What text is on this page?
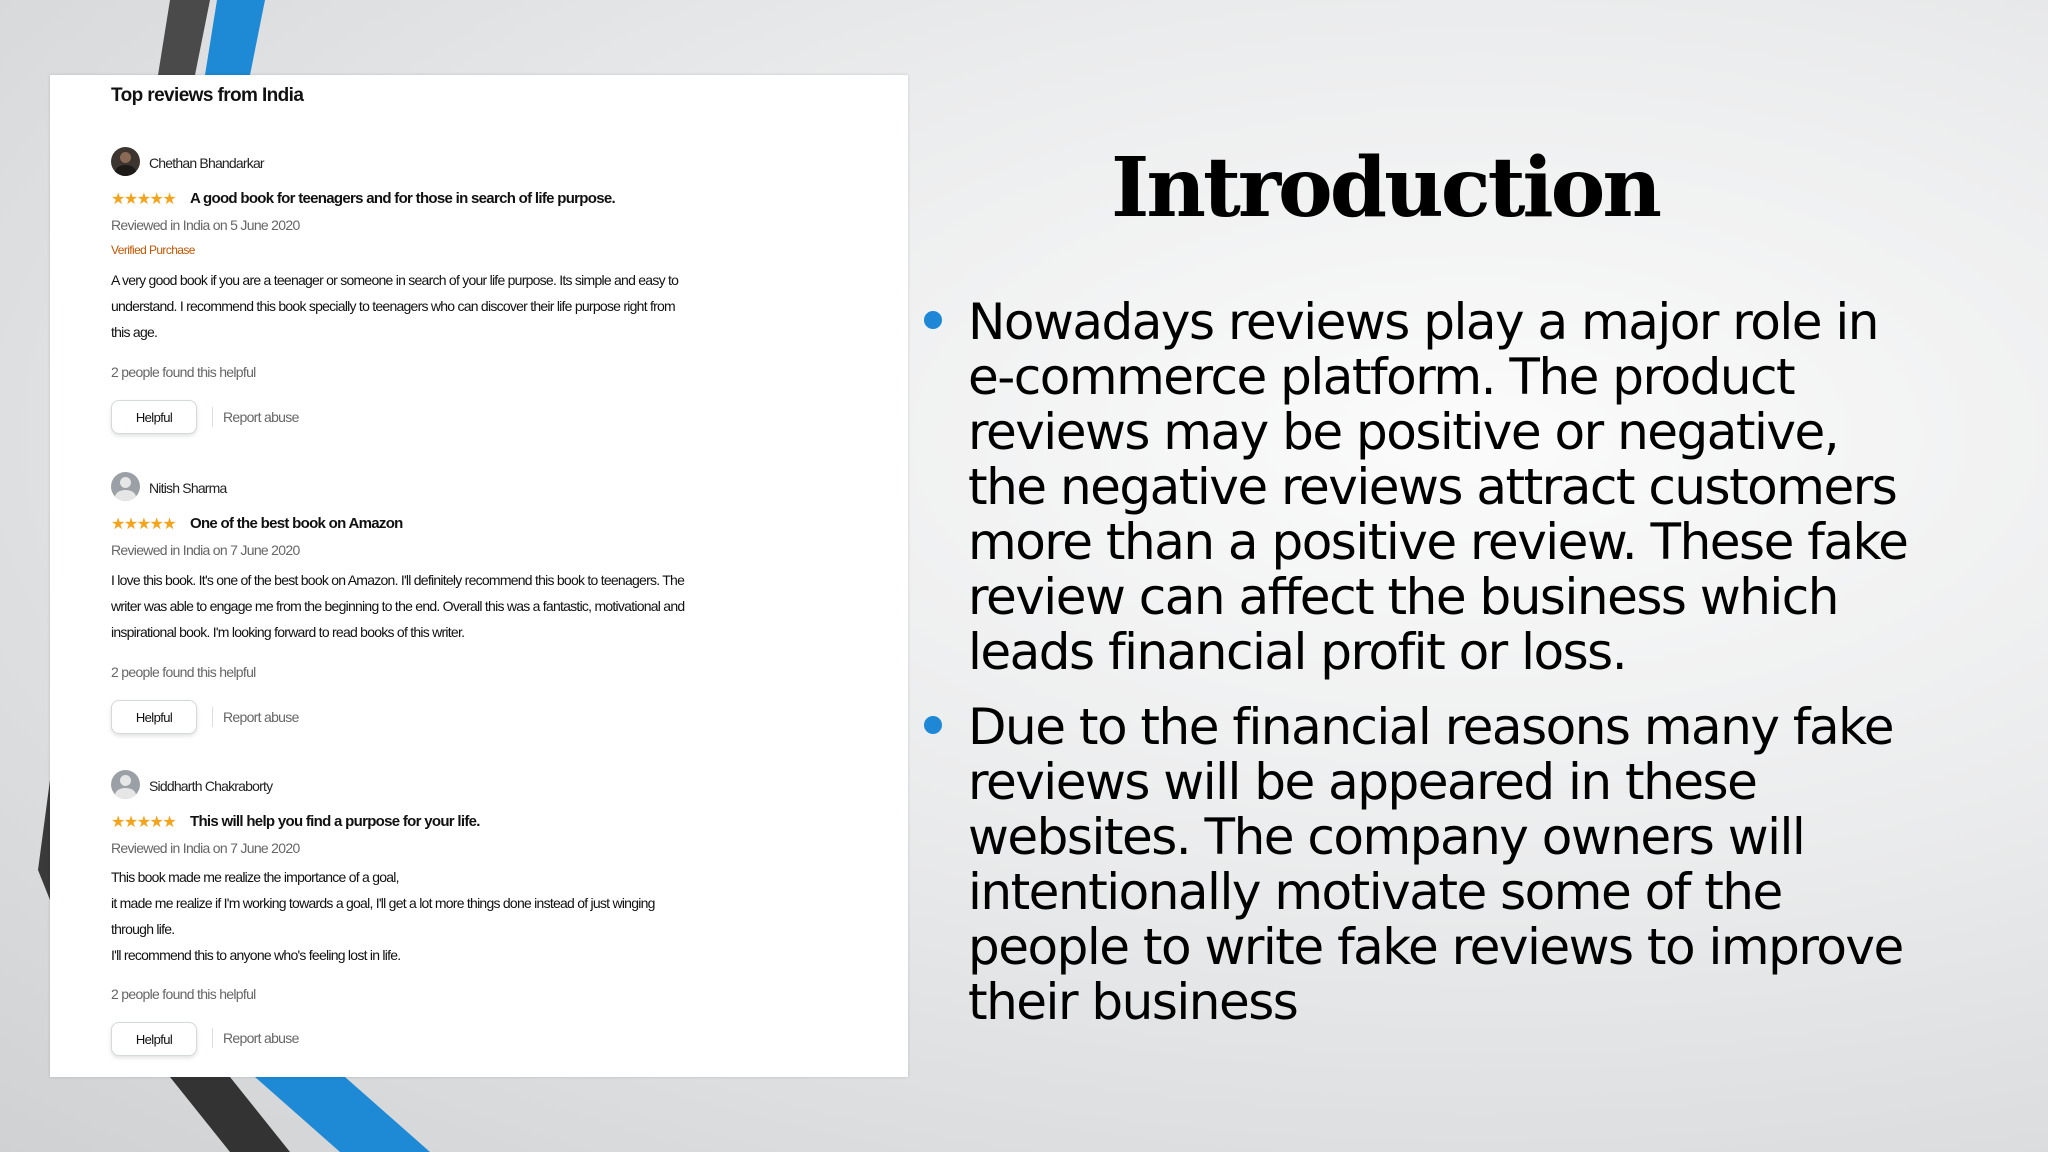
Top reviews from India
Chethan Bhandarkar
★★★★★ A good book for teenagers and for those in search of life purpose.
Reviewed in India on 5 June 2020
Verified Purchase
A very good book if you are a teenager or someone in search of your life purpose. Its simple and easy to
understand. I recommend this book specially to teenagers who can discover their life purpose right from
this age.
2 people found this helpful
Helpful	Report abuse
Nitish Sharma
★★★★★ One of the best book on Amazon
Reviewed in India on 7 June 2020
I love this book. It's one of the best book on Amazon. I'll definitely recommend this book to teenagers. The
writer was able to engage me from the beginning to the end. Overall this was a fantastic, motivational and
inspirational book. I'm looking forward to read books of this writer.
2 people found this helpful
Helpful	Report abuse
Siddharth Chakraborty
★★★★★ This will help you find a purpose for your life.
Reviewed in India on 7 June 2020
This book made me realize the importance of a goal,
it made me realize if I'm working towards a goal, I'll get a lot more things done instead of just winging
through life.
I'll recommend this to anyone who's feeling lost in life.
2 people found this helpful
Helpful	Report abuse
Introduction
Nowadays reviews play a major role in
e-commerce platform. The product
reviews may be positive or negative,
the negative reviews attract customers
more than a positive review. These fake
review can affect the business which
leads financial profit or loss.
Due to the financial reasons many fake
reviews will be appeared in these
websites. The company owners will
intentionally motivate some of the
people to write fake reviews to improve
their business
